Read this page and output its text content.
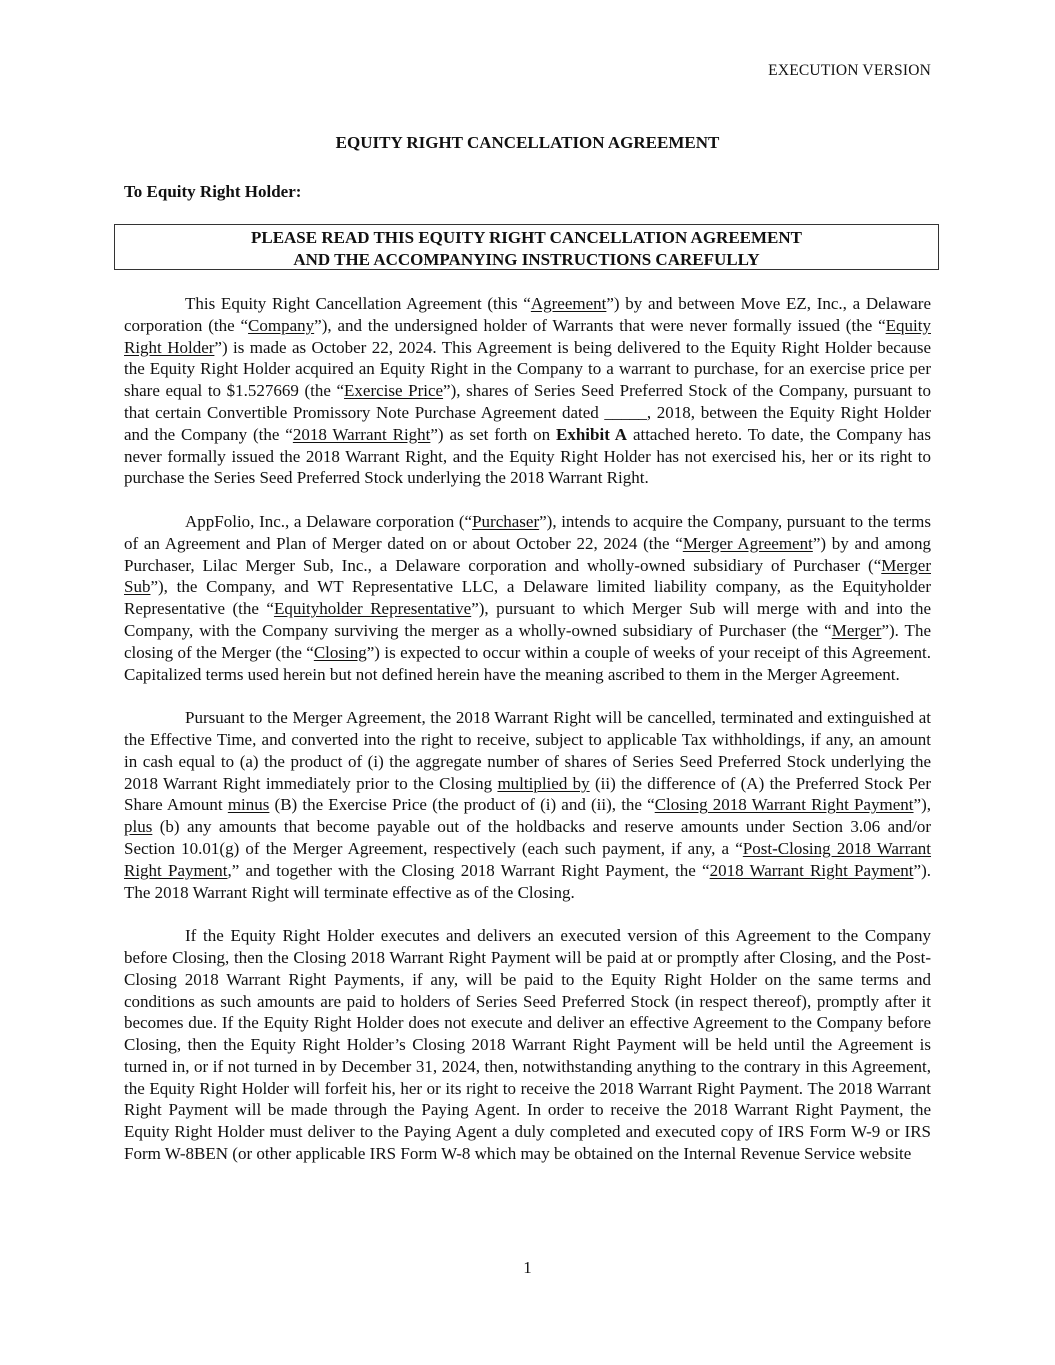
EXECUTION VERSION
EQUITY RIGHT CANCELLATION AGREEMENT
To Equity Right Holder:
PLEASE READ THIS EQUITY RIGHT CANCELLATION AGREEMENT
AND THE ACCOMPANYING INSTRUCTIONS CAREFULLY

This Equity Right Cancellation Agreement (this “Agreement”) by and between Move EZ, Inc., a Delaware corporation (the “Company”), and the undersigned holder of Warrants that were never formally issued (the “Equity Right Holder”) is made as October 22, 2024. This Agreement is being delivered to the Equity Right Holder because the Equity Right Holder acquired an Equity Right in the Company to a warrant to purchase, for an exercise price per share equal to $1.527669 (the “Exercise Price”), shares of Series Seed Preferred Stock of the Company, pursuant to that certain Convertible Promissory Note Purchase Agreement dated _____, 2018, between the Equity Right Holder and the Company (the “2018 Warrant Right”) as set forth on Exhibit A attached hereto. To date, the Company has never formally issued the 2018 Warrant Right, and the Equity Right Holder has not exercised his, her or its right to purchase the Series Seed Preferred Stock underlying the 2018 Warrant Right.

AppFolio, Inc., a Delaware corporation (“Purchaser”), intends to acquire the Company, pursuant to the terms of an Agreement and Plan of Merger dated on or about October 22, 2024 (the “Merger Agreement”) by and among Purchaser, Lilac Merger Sub, Inc., a Delaware corporation and wholly-owned subsidiary of Purchaser (“Merger Sub”), the Company, and WT Representative LLC, a Delaware limited liability company, as the Equityholder Representative (the “Equityholder Representative”), pursuant to which Merger Sub will merge with and into the Company, with the Company surviving the merger as a wholly-owned subsidiary of Purchaser (the “Merger”). The closing of the Merger (the “Closing”) is expected to occur within a couple of weeks of your receipt of this Agreement. Capitalized terms used herein but not defined herein have the meaning ascribed to them in the Merger Agreement.

Pursuant to the Merger Agreement, the 2018 Warrant Right will be cancelled, terminated and extinguished at the Effective Time, and converted into the right to receive, subject to applicable Tax withholdings, if any, an amount in cash equal to (a) the product of (i) the aggregate number of shares of Series Seed Preferred Stock underlying the 2018 Warrant Right immediately prior to the Closing multiplied by (ii) the difference of (A) the Preferred Stock Per Share Amount minus (B) the Exercise Price (the product of (i) and (ii), the “Closing 2018 Warrant Right Payment”), plus (b) any amounts that become payable out of the holdbacks and reserve amounts under Section 3.06 and/or Section 10.01(g) of the Merger Agreement, respectively (each such payment, if any, a “Post-Closing 2018 Warrant Right Payment,” and together with the Closing 2018 Warrant Right Payment, the “2018 Warrant Right Payment”). The 2018 Warrant Right will terminate effective as of the Closing.

If the Equity Right Holder executes and delivers an executed version of this Agreement to the Company before Closing, then the Closing 2018 Warrant Right Payment will be paid at or promptly after Closing, and the Post-Closing 2018 Warrant Right Payments, if any, will be paid to the Equity Right Holder on the same terms and conditions as such amounts are paid to holders of Series Seed Preferred Stock (in respect thereof), promptly after it becomes due. If the Equity Right Holder does not execute and deliver an effective Agreement to the Company before Closing, then the Equity Right Holder’s Closing 2018 Warrant Right Payment will be held until the Agreement is turned in, or if not turned in by December 31, 2024, then, notwithstanding anything to the contrary in this Agreement, the Equity Right Holder will forfeit his, her or its right to receive the 2018 Warrant Right Payment. The 2018 Warrant Right Payment will be made through the Paying Agent. In order to receive the 2018 Warrant Right Payment, the Equity Right Holder must deliver to the Paying Agent a duly completed and executed copy of IRS Form W-9 or IRS Form W-8BEN (or other applicable IRS Form W-8 which may be obtained on the Internal Revenue Service website

1
